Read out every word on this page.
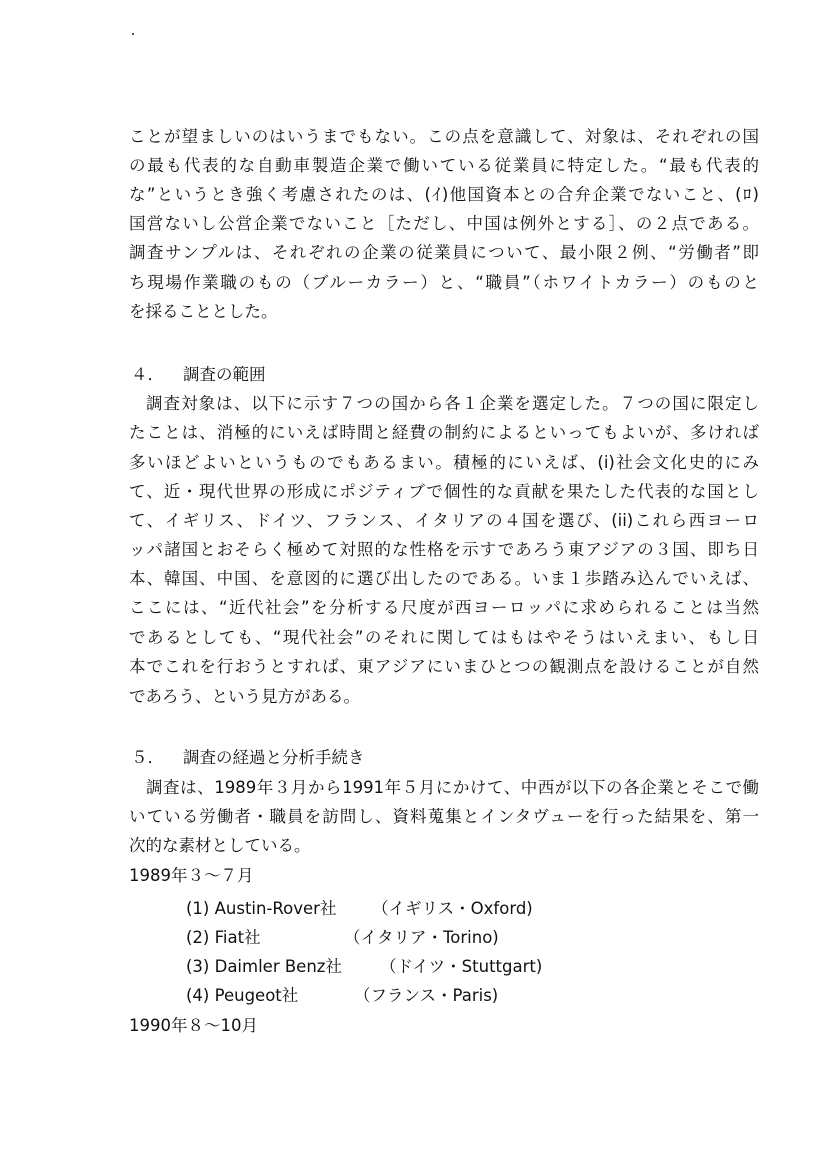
ことが望ましいのはいうまでもない。この点を意識して、対象は、それぞれの国
の最も代表的な自動車製造企業で働いている従業員に特定した。“最も代表的
な”というとき強く考慮されたのは、(ｲ)他国資本との合弁企業でないこと、(ﾛ)
国営ないし公営企業でないこと［ただし、中国は例外とする］、の２点である。
調査サンプルは、それぞれの企業の従業員について、最小限２例、“労働者”即
ち現場作業職のもの（ブルーカラー）と、“職員”（ホワイトカラー）のものと
を採ることとした。
４． 調査の範囲
調査対象は、以下に示す７つの国から各１企業を選定した。７つの国に限定し
たことは、消極的にいえば時間と経費の制約によるといってもよいが、多ければ
多いほどよいというものでもあるまい。積極的にいえば、(i)社会文化史的にみ
て、近・現代世界の形成にポジティブで個性的な貢献を果たした代表的な国とし
て、イギリス、ドイツ、フランス、イタリアの４国を選び、(ii)これら西ヨーロ
ッパ諸国とおそらく極めて対照的な性格を示すであろう東アジアの３国、即ち日
本、韓国、中国、を意図的に選び出したのである。いま１歩踏み込んでいえば、
ここには、“近代社会”を分析する尺度が西ヨーロッパに求められることは当然
であるとしても、“現代社会”のそれに関してはもはやそうはいえまい、もし日
本でこれを行おうとすれば、東アジアにいまひとつの観測点を設けることが自然
であろう、という見方がある。
５． 調査の経過と分析手続き
調査は、1989年３月から1991年５月にかけて、中西が以下の各企業とそこで働
いている労働者・職員を訪問し、資料蒐集とインタヴューを行った結果を、第一
次的な素材としている。
1989年３～７月
(1) Austin-Rover社 （イギリス・Oxford)
(2) Fiat社	（イタリア・Torino)
(3) Daimler Benz社 （ドイツ・Stuttgart)
(4) Peugeot社	（フランス・Paris)
1990年８～10月
